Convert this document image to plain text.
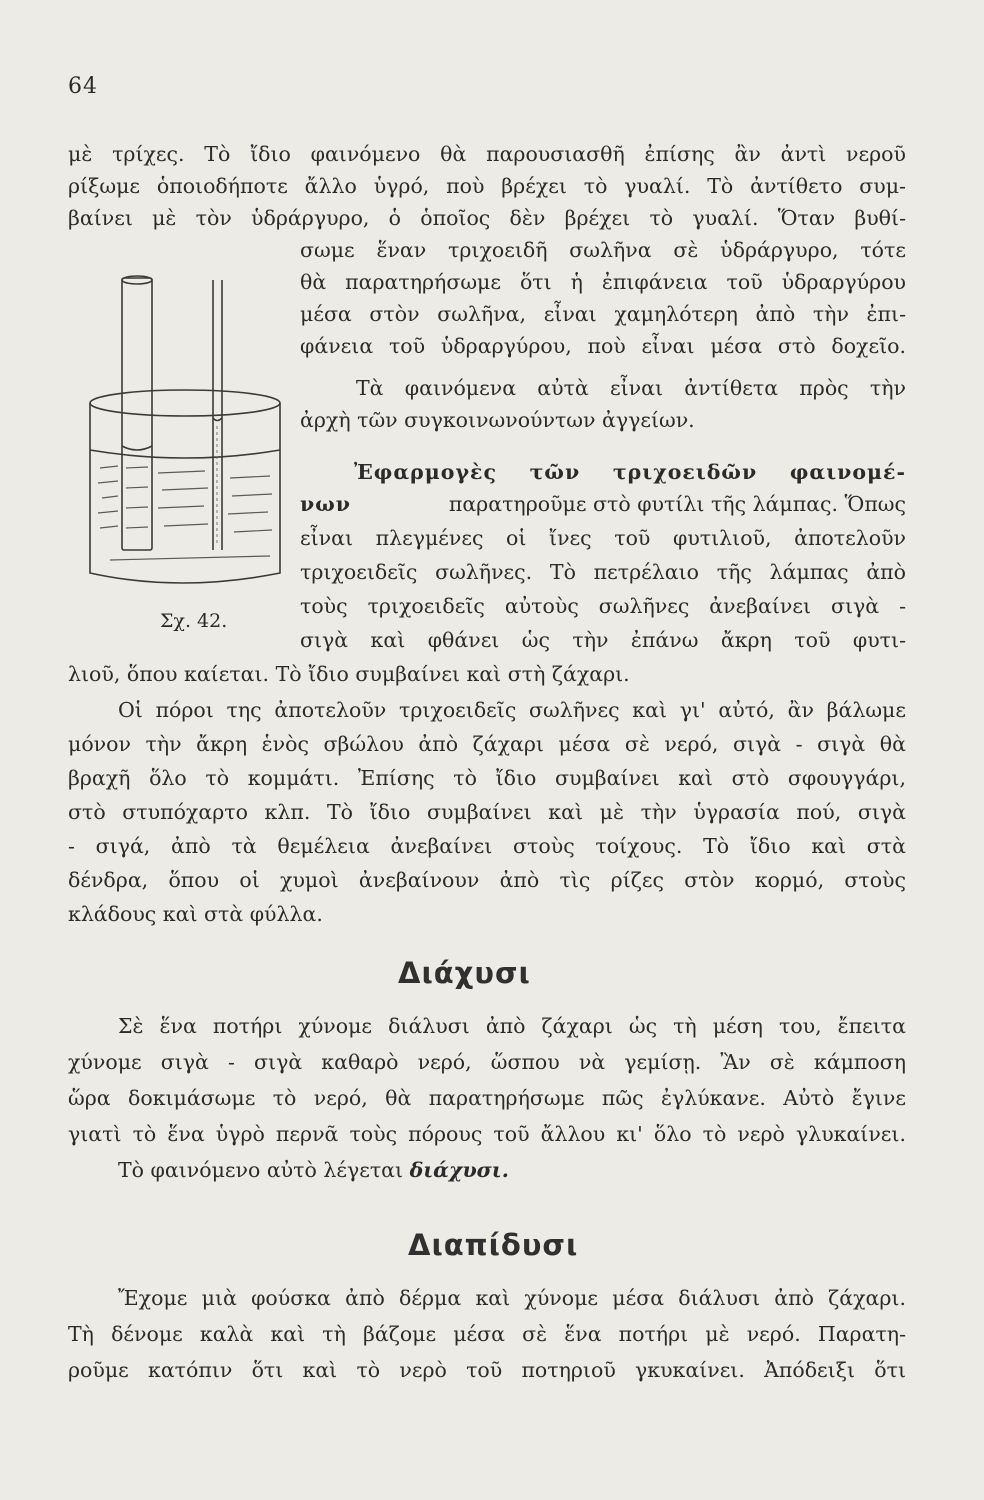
64

μὲ τρίχες. Τὸ ἴδιο φαινόμενο θὰ παρουσιασθῆ ἐπίσης ἂν ἀντὶ νεροῦ

ρίξωμε ὁποιοδήποτε ἄλλο ὑγρό, ποὺ βρέχει τὸ γυαλί. Τὸ ἀντίθετο συμ-

βαίνει μὲ τὸν ὑδράργυρο, ὁ ὁποῖος δὲν βρέχει τὸ γυαλί. Ὅταν βυθί-

σωμε ἕναν τριχοειδῆ σωλῆνα σὲ ὑδράργυρο, τότε

θὰ παρατηρήσωμε ὅτι ἡ ἐπιφάνεια τοῦ ὑδραργύρου

μέσα στὸν σωλῆνα, εἶναι χαμηλότερη ἀπὸ τὴν ἐπι-

φάνεια τοῦ ὑδραργύρου, ποὺ εἶναι μέσα στὸ δοχεῖο.

Τὰ φαινόμενα αὐτὰ εἶναι ἀντίθετα πρὸς τὴν

ἀρχὴ τῶν συγκοινωνούντων ἀγγείων.

Σχ. 42.

Ἐφαρμογὲς τῶν τριχοειδῶν φαινομέ-

νων	παρατηροῦμε στὸ φυτίλι τῆς λάμπας. Ὅπως

εἶναι πλεγμένες οἱ ἴνες τοῦ φυτιλιοῦ, ἀποτελοῦν

τριχοειδεῖς σωλῆνες. Τὸ πετρέλαιο τῆς λάμπας ἀπὸ

τοὺς τριχοειδεῖς αὐτοὺς σωλῆνες ἀνεβαίνει σιγὰ -

σιγὰ καὶ φθάνει ὡς τὴν ἐπάνω ἄκρη τοῦ φυτι-

λιοῦ, ὅπου καίεται. Τὸ ἴδιο συμβαίνει καὶ στὴ ζάχαρι.

Οἱ πόροι της ἀποτελοῦν τριχοειδεῖς σωλῆνες καὶ γι' αὐτό, ἂν βάλωμε

μόνον τὴν ἄκρη ἑνὸς σβώλου ἀπὸ ζάχαρι μέσα σὲ νερό, σιγὰ - σιγὰ θὰ

βραχῆ ὅλο τὸ κομμάτι. Ἐπίσης τὸ ἴδιο συμβαίνει καὶ στὸ σφουγγάρι,

στὸ στυπόχαρτο κλπ. Τὸ ἴδιο συμβαίνει καὶ μὲ τὴν ὑγρασία πού, σιγὰ

- σιγά, ἀπὸ τὰ θεμέλεια ἀνεβαίνει στοὺς τοίχους. Τὸ ἴδιο καὶ στὰ

δένδρα, ὅπου οἱ χυμοὶ ἀνεβαίνουν ἀπὸ τὶς ρίζες στὸν κορμό, στοὺς

κλάδους καὶ στὰ φύλλα.

Διάχυσι

Σὲ ἕνα ποτήρι χύνομε διάλυσι ἀπὸ ζάχαρι ὡς τὴ μέση του, ἔπειτα

χύνομε σιγὰ - σιγὰ καθαρὸ νερό, ὥσπου νὰ γεμίσῃ. Ἂν σὲ κάμποση

ὥρα δοκιμάσωμε τὸ νερό, θὰ παρατηρήσωμε πῶς ἐγλύκανε. Αὐτὸ ἔγινε

γιατὶ τὸ ἕνα ὑγρὸ περνᾶ τοὺς πόρους τοῦ ἄλλου κι' ὅλο τὸ νερὸ γλυκαίνει.

Τὸ φαινόμενο αὐτὸ λέγεται
διάχυσι.

Διαπίδυσι

Ἔχομε μιὰ φούσκα ἀπὸ δέρμα καὶ χύνομε μέσα διάλυσι ἀπὸ ζάχαρι.

Τὴ δένομε καλὰ καὶ τὴ βάζομε μέσα σὲ ἕνα ποτήρι μὲ νερό. Παρατη-

ροῦμε κατόπιν ὅτι καὶ τὸ νερὸ τοῦ ποτηριοῦ γκυκαίνει. Ἀπόδειξι ὅτι
